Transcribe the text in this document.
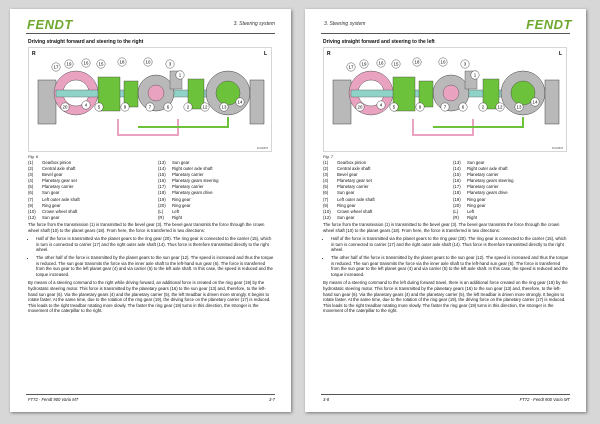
FENDT	3. Steering system
Driving straight forward and steering to the right
R	L
17
19	16 15	18	10	3
1
20	4 5	9	7	6	2	12	13
14
FIG09876
Fig. 6
(1) Gearbox pinion
(2) Central axle shaft
(3) Bevel gear
(4) Planetary gear set
(5) Planetary carrier
(6) Sun gear
(7) Left outer axle shaft
(9) Ring gear
(10) Crown wheel shaft
(12) Sun gear
(13) Sun gear
(14) Right outer axle shaft
(15) Planetary carrier
(16) Planetary gears steering
(17) Planetary carrier
(18) Planetary gears drive
(19) Ring gear
(20) Ring gear
(L) Left
(R) Right

The force from the transmission (1) is transmitted to the bevel gear (3). The bevel gear transmits the force through the crown wheel shaft (10) to the planet gears (18). From here, the force is transferred in two directions:

• Half of the force is transmitted via the planet gears to the ring gear (20). The ring gear is connected to the carrier (15), which in turn is connected to carrier (17) and the right outer axle shaft (14). Thus force is therefore transmitted directly to the right wheel.
• The other half of the force is transmitted by the planet gears to the sun gear (12). The speed is increased and thus the torque is reduced. The sun gear transmits the force via the inner axle shaft to the left-hand sun gear (6). The force is transferred from the sun gear to the left planet gear (4) and via carrier (5) to the left axle shaft. In this case, the speed is reduced and the torque increased.

By means of a steering command to the right while driving forward, an additional force is created on the ring gear (19) by the hydrostatic steering motor. This force is transmitted by the planetary gears (16) to the sun gear (13) and, therefore, to the left-hand sun gear (6). Via the planetary gears (4) and the planetary carrier (5), the left treadbar is driven more strongly. It begins to rotate faster. At the same time, due to the rotation of the ring gear (19), the driving force on the planetary carrier (17) is reduced. This leads to the right treadbar rotating more slowly. The faster the ring gear (19) turns in this direction, the stronger is the movement of the caterpillar to the right.

FT72 - Fendt 900 Vario MT	3-7
3. Steering system	FENDT
Driving straight forward and steering to the left
R	L
17
19	16 15	18	10	3
1
20	4 5	9	7	6	2	12	13
14
FIG09878
Fig. 7
(1) Gearbox pinion
(2) Central axle shaft
(3) Bevel gear
(4) Planetary gear set
(5) Planetary carrier
(6) Sun gear
(7) Left outer axle shaft
(9) Ring gear
(10) Crown wheel shaft
(12) Sun gear
(13) Sun gear
(14) Right outer axle shaft
(15) Planetary carrier
(16) Planetary gears steering
(17) Planetary carrier
(18) Planetary gears drive
(19) Ring gear
(20) Ring gear
(L) Left
(R) Right

The force from the transmission (1) is transmitted to the bevel gear (3). The bevel gear transmits the force through the crown wheel shaft (10) to the planet gears (18). From here, the force is transferred in two directions:

• Half of the force is transmitted via the planet gears to the ring gear (20). The ring gear is connected to the carrier (15), which in turn is connected to carrier (17) and the right outer axle shaft (14). Thus force is therefore transmitted directly to the right wheel.
• The other half of the force is transmitted by the planet gears to the sun gear (12). The speed is increased and thus the torque is reduced. The sun gear transmits the force via the inner axle shaft to the left-hand sun gear (6). The force is transferred from the sun gear to the left planet gear (4) and via carrier (5) to the left axle shaft. In this case, the speed is reduced and the torque increased.

By means of a steering command to the left during forward travel, there is an additional force created on the ring gear (19) by the hydrostatic steering motor. This force is transmitted by the planetary gears (16) to the sun gear (13) and, therefore, to the left-hand sun gear (6). Via the planetary gears (4) and the planetary carrier (5), the left treadbar is driven more strongly. It begins to rotate faster. At the same time, due to the rotation of the ring gear (19), the driving force on the planetary carrier (17) is reduced. This leads to the right treadbar rotating more slowly. The faster the ring gear (19) turns in this direction, the stronger is the movement of the caterpillar to the right.

3-8	FT72 - Fendt 900 Vario MT
